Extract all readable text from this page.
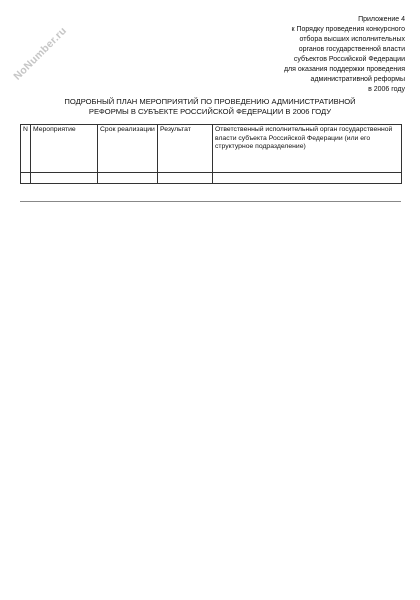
NoNumber.ru
Приложение 4
к Порядку проведения конкурсного
отбора высших исполнительных
органов государственной власти
субъектов Российской Федерации
для оказания поддержки проведения
административной реформы
в 2006 году
ПОДРОБНЫЙ ПЛАН МЕРОПРИЯТИЙ ПО ПРОВЕДЕНИЮ АДМИНИСТРАТИВНОЙ
РЕФОРМЫ В СУБЪЕКТЕ РОССИЙСКОЙ ФЕДЕРАЦИИ В 2006 ГОДУ
N	Мероприятие	Срок реализации	Результат	Ответственный исполнительный орган государственной власти субъекта Российской Федерации (или его структурное подразделение)
